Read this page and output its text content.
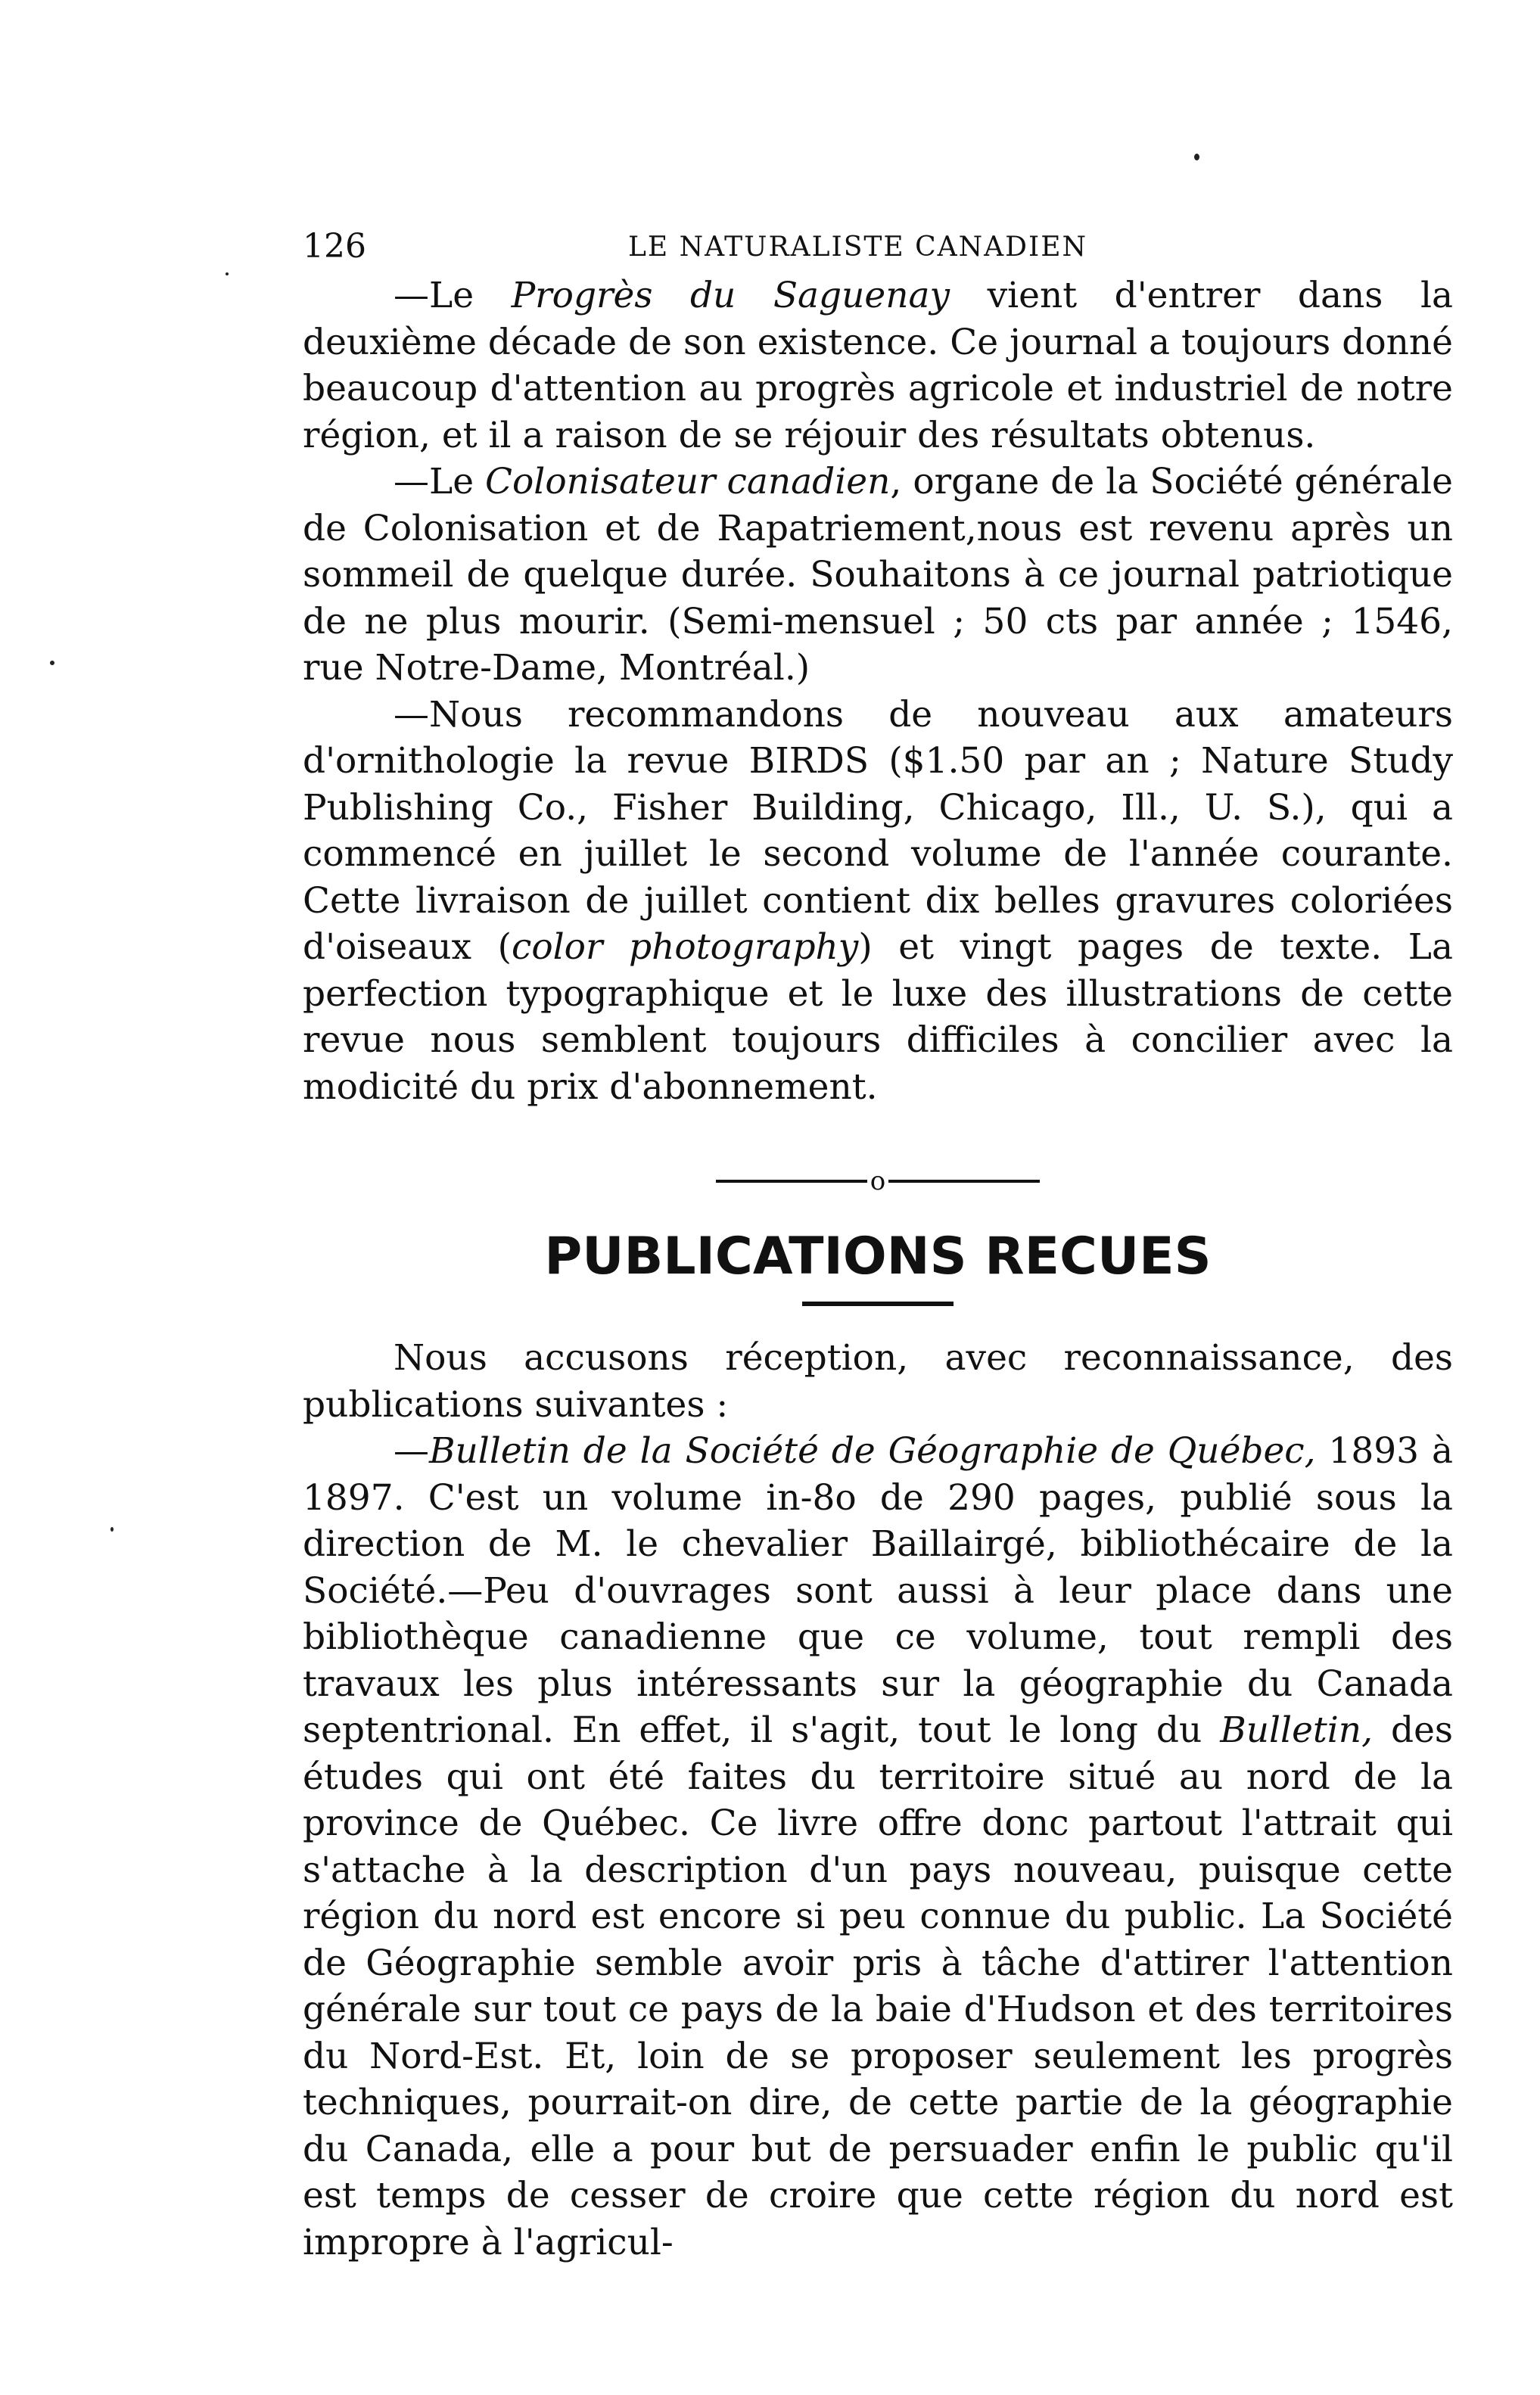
126	LE NATURALISTE CANADIEN

—Le Progrès du Saguenay vient d'entrer dans la deuxième décade de son existence. Ce journal a toujours donné beaucoup d'attention au progrès agricole et industriel de notre région, et il a raison de se réjouir des résultats obtenus.

—Le Colonisateur canadien, organe de la Société générale de Colonisation et de Rapatriement,nous est revenu après un sommeil de quelque durée. Souhaitons à ce journal patriotique de ne plus mourir. (Semi-mensuel ; 50 cts par année ; 1546, rue Notre-Dame, Montréal.)

—Nous recommandons de nouveau aux amateurs d'ornithologie la revue BIRDS ($1.50 par an ; Nature Study Publishing Co., Fisher Building, Chicago, Ill., U. S.), qui a commencé en juillet le second volume de l'année courante. Cette livraison de juillet contient dix belles gravures coloriées d'oiseaux (color photography) et vingt pages de texte. La perfection typographique et le luxe des illustrations de cette revue nous semblent toujours difficiles à concilier avec la modicité du prix d'abonnement.

o
PUBLICATIONS RECUES

Nous accusons réception, avec reconnaissance, des publications suivantes :

—Bulletin de la Société de Géographie de Québec, 1893 à 1897. C'est un volume in-8o de 290 pages, publié sous la direction de M. le chevalier Baillairgé, bibliothécaire de la Société.—Peu d'ouvrages sont aussi à leur place dans une bibliothèque canadienne que ce volume, tout rempli des travaux les plus intéressants sur la géographie du Canada septentrional. En effet, il s'agit, tout le long du Bulletin, des études qui ont été faites du territoire situé au nord de la province de Québec. Ce livre offre donc partout l'attrait qui s'attache à la description d'un pays nouveau, puisque cette région du nord est encore si peu connue du public. La Société de Géographie semble avoir pris à tâche d'attirer l'attention générale sur tout ce pays de la baie d'Hudson et des territoires du Nord-Est. Et, loin de se proposer seulement les progrès techniques, pourrait-on dire, de cette partie de la géographie du Canada, elle a pour but de persuader enfin le public qu'il est temps de cesser de croire que cette région du nord est impropre à l'agricul-
